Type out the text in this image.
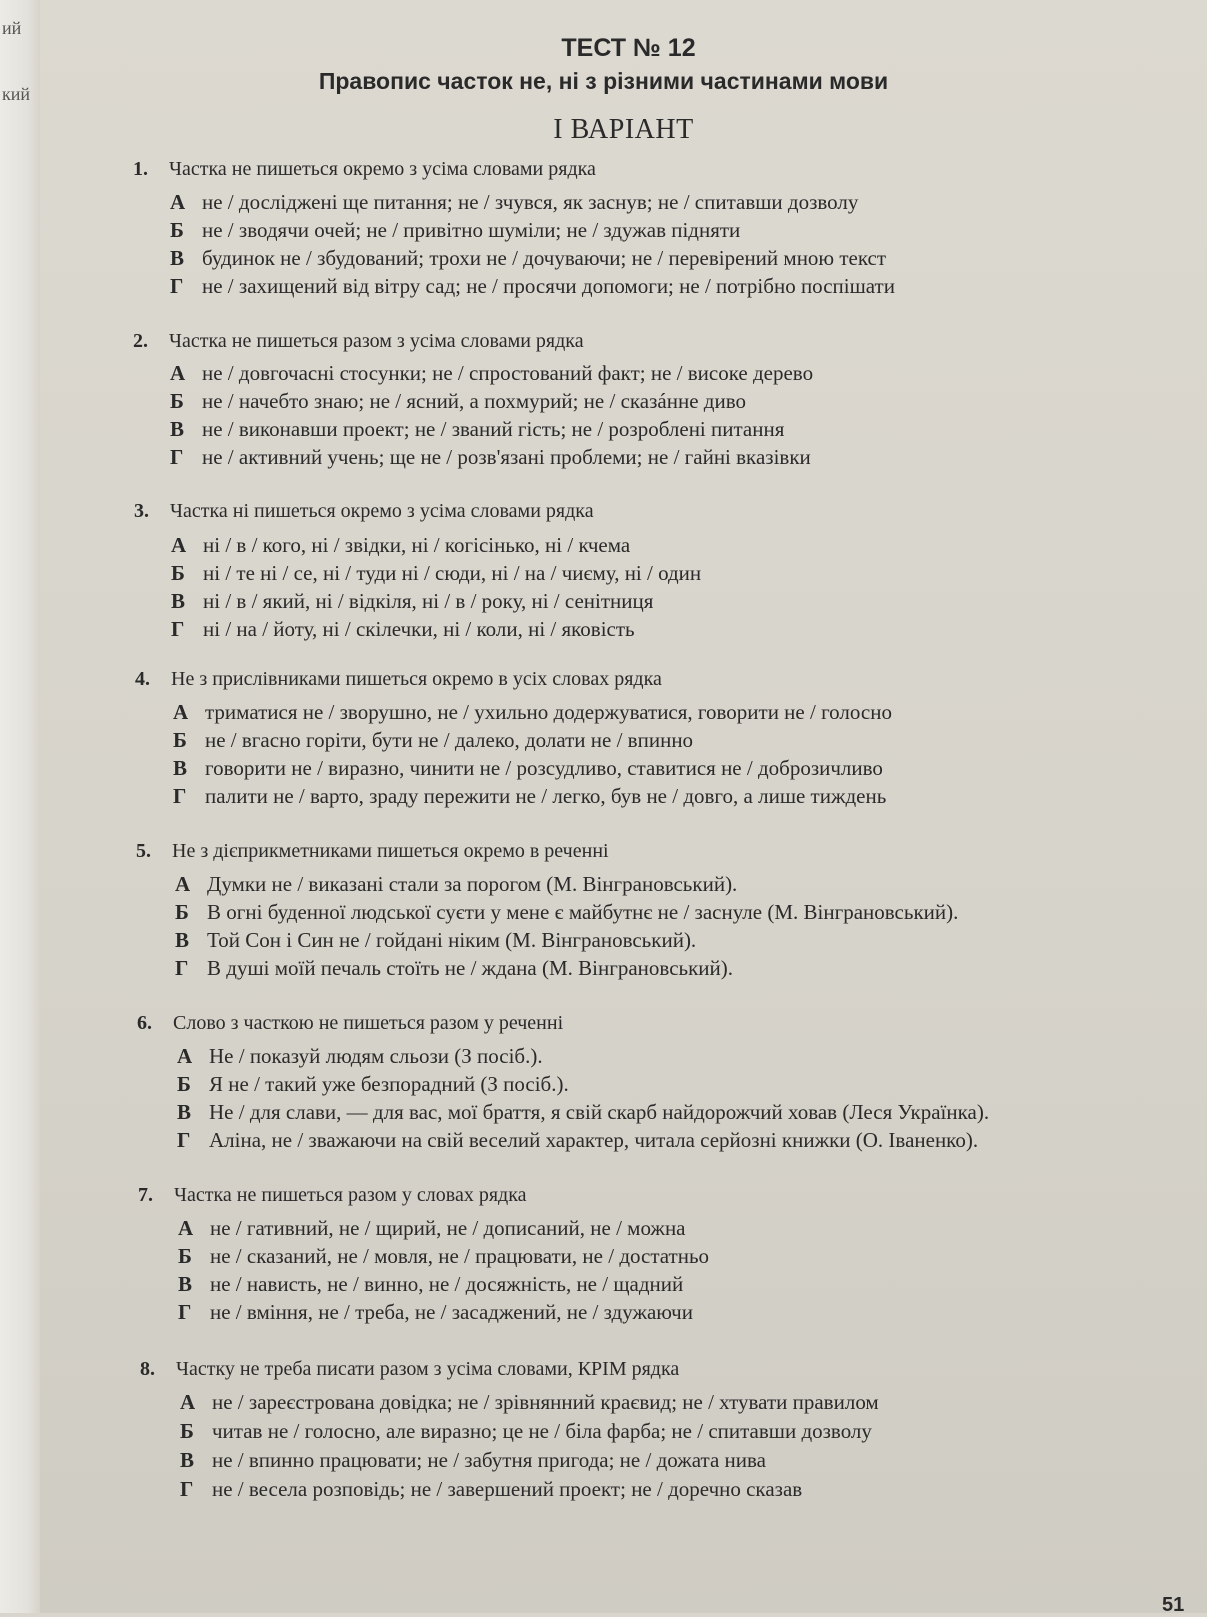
ий
кий
ТЕСТ № 12
Правопис часток не, ні з різними частинами мови
І ВАРІАНТ
1. Частка не пишеться окремо з усіма словами рядка
А не / досліджені ще питання; не / зчувся, як заснув; не / спитавши дозволу
Б не / зводячи очей; не / привітно шуміли; не / здужав підняти
В будинок не / збудований; трохи не / дочуваючи; не / перевірений мною текст
Г не / захищений від вітру сад; не / просячи допомоги; не / потрібно поспішати
2. Частка не пишеться разом з усіма словами рядка
А не / довгочасні стосунки; не / спростований факт; не / високе дерево
Б не / начебто знаю; не / ясний, а похмурий; не / сказáнне диво
В не / виконавши проект; не / званий гість; не / розроблені питання
Г не / активний учень; ще не / розв'язані проблеми; не / гайні вказівки
3. Частка ні пишеться окремо з усіма словами рядка
А ні / в / кого, ні / звідки, ні / когісінько, ні / кчема
Б ні / те ні / се, ні / туди ні / сюди, ні / на / чиєму, ні / один
В ні / в / який, ні / відкіля, ні / в / року, ні / сенітниця
Г ні / на / йоту, ні / скілечки, ні / коли, ні / яковість
4. Не з прислівниками пишеться окремо в усіх словах рядка
А триматися не / зворушно, не / ухильно додержуватися, говорити не / голосно
Б не / вгасно горіти, бути не / далеко, долати не / впинно
В говорити не / виразно, чинити не / розсудливо, ставитися не / доброзичливо
Г палити не / варто, зраду пережити не / легко, був не / довго, а лише тиждень
5. Не з дієприкметниками пишеться окремо в реченні
А Думки не / виказані стали за порогом (М. Вінграновський).
Б В огні буденної людської суєти у мене є майбутнє не / заснуле (М. Вінграновський).
В Той Сон і Син не / гойдані ніким (М. Вінграновський).
Г В душі моїй печаль стоїть не / ждана (М. Вінграновський).
6. Слово з часткою не пишеться разом у реченні
А Не / показуй людям сльози (З посіб.).
Б Я не / такий уже безпорадний (З посіб.).
В Не / для слави, — для вас, мої браття, я свій скарб найдорожчий ховав (Леся Українка).
Г Аліна, не / зважаючи на свій веселий характер, читала серйозні книжки (О. Іваненко).
7. Частка не пишеться разом у словах рядка
А не / гативний, не / щирий, не / дописаний, не / можна
Б не / сказаний, не / мовля, не / працювати, не / достатньо
В не / нависть, не / винно, не / досяжність, не / щадний
Г не / вміння, не / треба, не / засаджений, не / здужаючи
8. Частку не треба писати разом з усіма словами, КРІМ рядка
А не / зареєстрована довідка; не / зрівнянний краєвид; не / хтувати правилом
Б читав не / голосно, але виразно; це не / біла фарба; не / спитавши дозволу
В не / впинно працювати; не / забутня пригода; не / дожата нива
Г не / весела розповідь; не / завершений проект; не / доречно сказав
51
